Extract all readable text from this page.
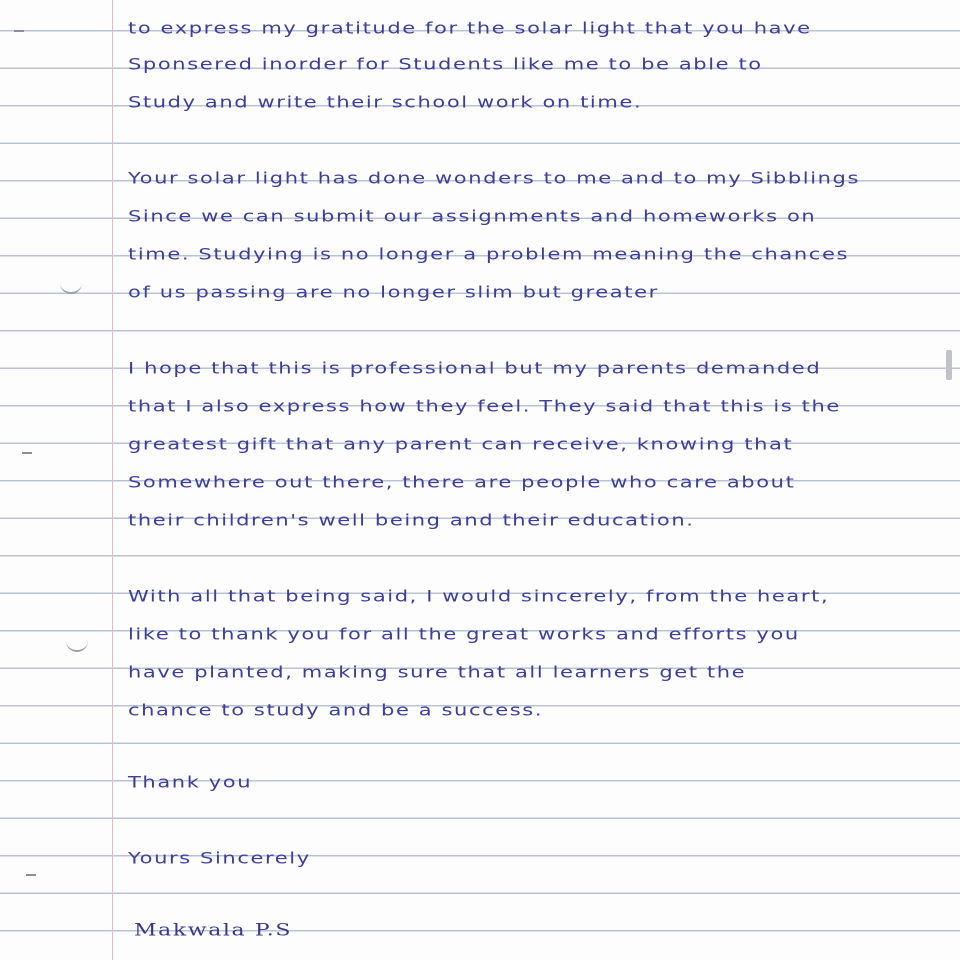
to express my gratitude for the solar light that you have
Sponsered inorder for Students like me to be able to
Study and write their school work on time.
Your solar light has done wonders to me and to my Sibblings
Since we can submit our assignments and homeworks on
time. Studying is no longer a problem meaning the chances
of us passing are no longer slim but greater
I hope that this is professional but my parents demanded
that I also express how they feel. They said that this is the
greatest gift that any parent can receive, knowing that
Somewhere out there, there are people who care about
their children's well being and their education.
With all that being said, I would sincerely, from the heart,
like to thank you for all the great works and efforts you
have planted, making sure that all learners get the
chance to study and be a success.
Thank you
Yours Sincerely
Makwala P.S
